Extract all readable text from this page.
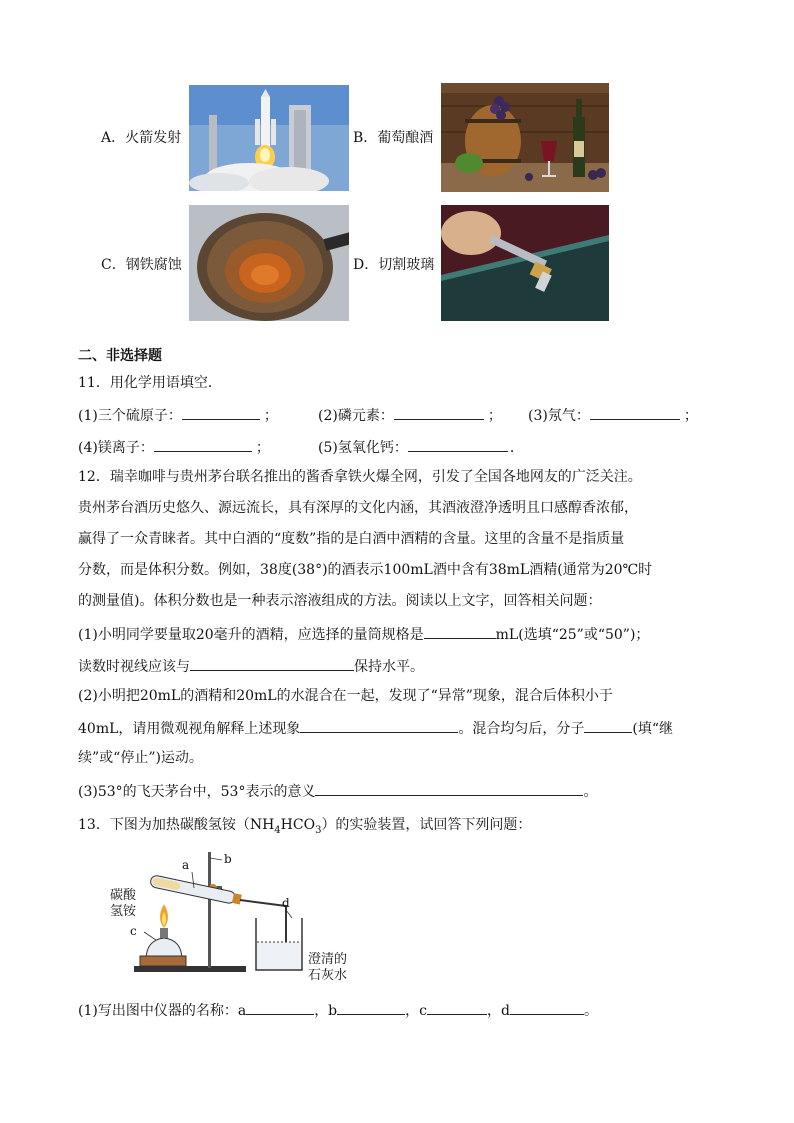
A．火箭发射	B．葡萄酿酒
C．钢铁腐蚀	D．切割玻璃
二、非选择题
11．用化学用语填空．
(1)三个硫原子：	；	(2)磷元素：	； (3)氖气：	；
(4)镁离子：	；	(5)氢氧化钙：	．
12．瑞幸咖啡与贵州茅台联名推出的酱香拿铁火爆全网，引发了全国各地网友的广泛关注。
贵州茅台酒历史悠久、源远流长，具有深厚的文化内涵，其酒液澄净透明且口感醇香浓郁，
赢得了一众青睐者。其中白酒的“度数”指的是白酒中酒精的含量。这里的含量不是指质量
分数，而是体积分数。例如，38度(38°)的酒表示100mL酒中含有38mL酒精(通常为20℃时
的测量值)。体积分数也是一种表示溶液组成的方法。阅读以上文字，回答相关问题：
(1)小明同学要量取20毫升的酒精，应选择的量筒规格是	mL(选填“25”或“50”)；
读数时视线应该与	保持水平。
(2)小明把20mL的酒精和20mL的水混合在一起，发现了“异常”现象，混合后体积小于
40mL，请用微观视角解释上述现象	。混合均匀后，分子	(填“继
续”或“停止”)运动。
(3)53°的飞天茅台中，53°表示的意义	。
13．下图为加热碳酸氢铵$(NH_4HCO_3)$的实验装置，试回答下列问题：
a	b
c
d
碳酸
氢铵
澄清的
石灰水
(1)写出图中仪器的名称：a	，b	，c	，d	。
